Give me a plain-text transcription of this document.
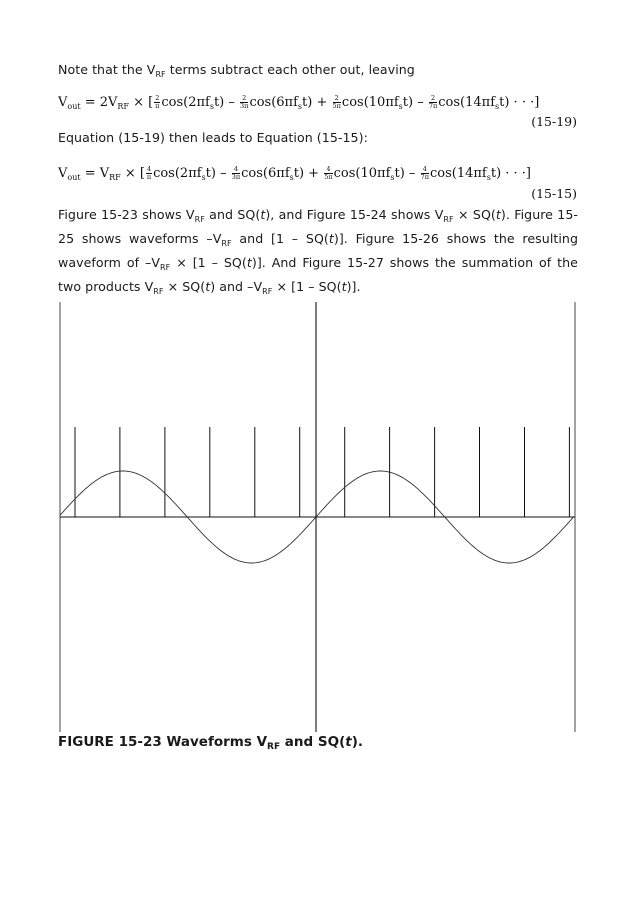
Note that the $V_{RF}$ terms subtract each other out, leaving
$V_{out} = 2V_{RF}$ × [ $\frac{2}{\pi} \cos(2\pi f_st) - \frac{2}{3\pi} \cos(6\pi f_st) + \frac{2}{5\pi} \cos(10\pi f_st) - \frac{2}{7\pi} \cos(14\pi f_st)$ · · ·]
(15-19)
Equation (15-19) then leads to Equation (15-15):
$V_{out} = V_{RF}$ × [ $\frac{4}{\pi} \cos(2\pi f_st) - \frac{4}{3\pi} \cos(6\pi f_st) + \frac{4}{5\pi} \cos(10\pi f_st) - \frac{4}{7\pi} \cos(14\pi f_st)$ · · ·]
(15-15)
Figure 15-23 shows $V_{RF}$ and SQ(t), and Figure 15-24 shows $V_{RF} \times SQ(t)$. Figure 15-25 shows waveforms $-V_{RF}$ and [1 – SQ(t)]. Figure 15-26 shows the resulting waveform of $-V_{RF} \times [1 - SQ(t)]$. And Figure 15-27 shows the summation of the two products $V_{RF} \times SQ(t)$ and $-V_{RF} \times [1 - SQ(t)]$.
FIGURE 15-23 Waveforms $V_{RF}$ and SQ(t).
